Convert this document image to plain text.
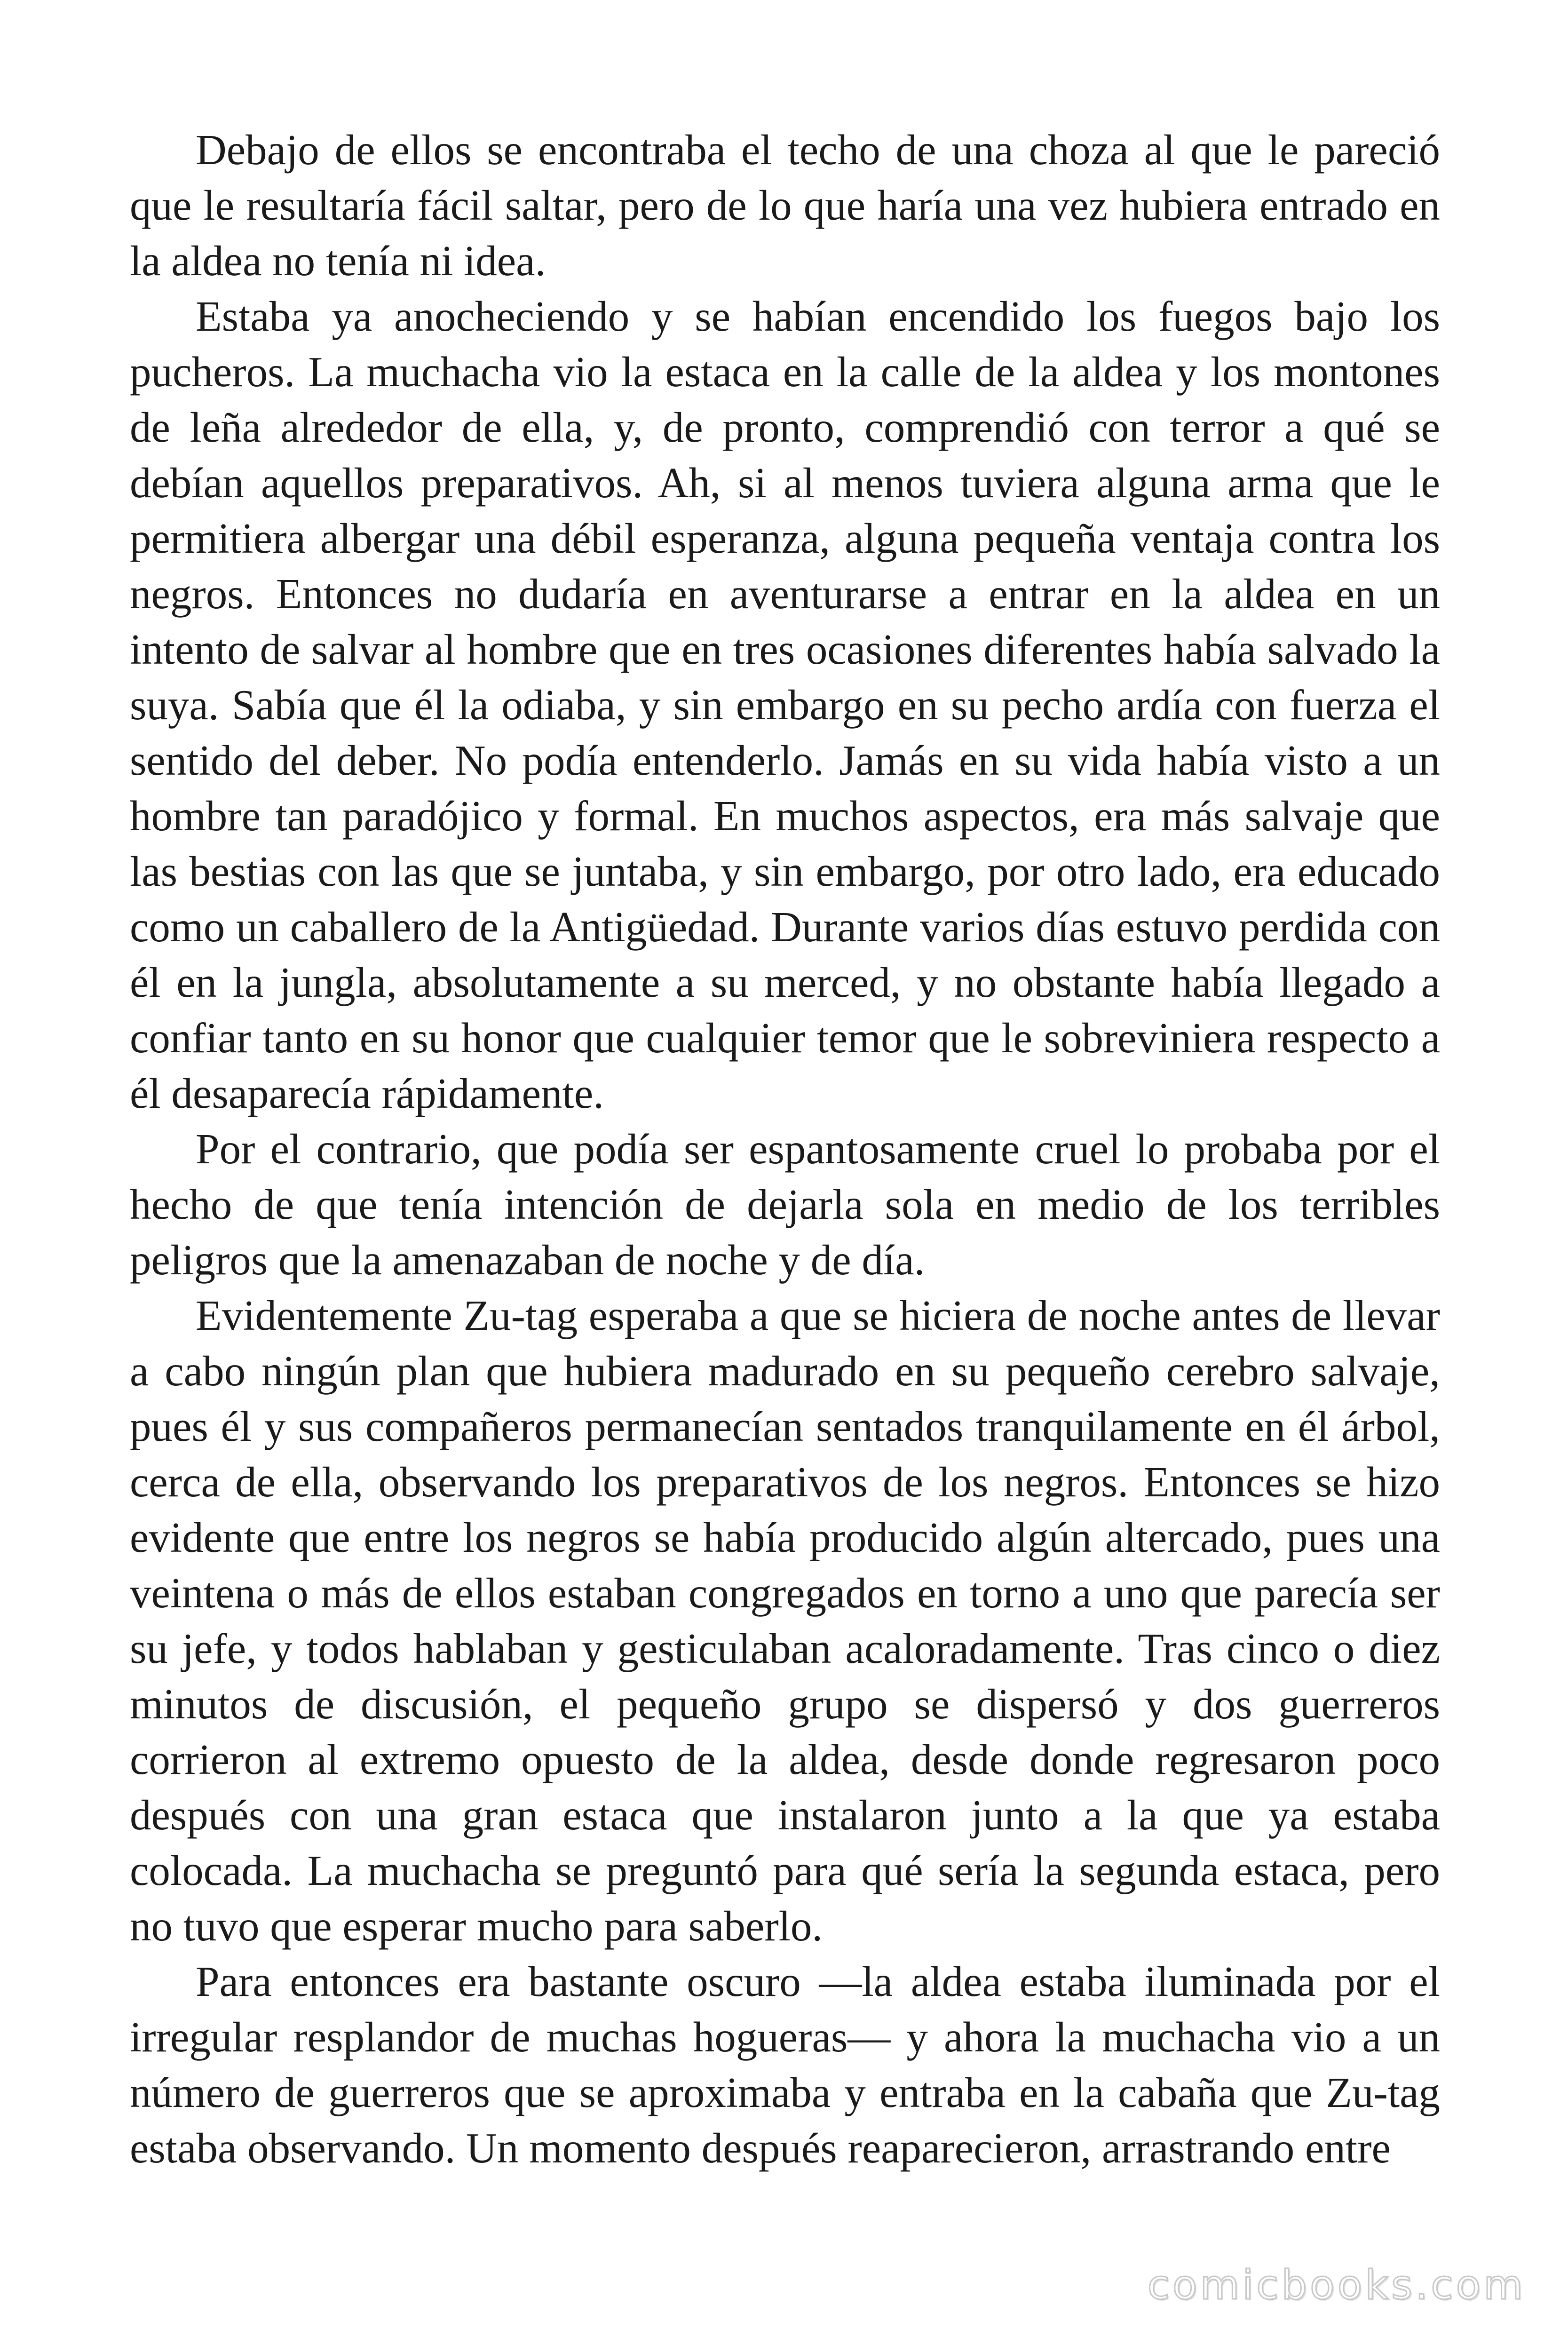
Debajo de ellos se encontraba el techo de una choza al que le pareció que le resultaría fácil saltar, pero de lo que haría una vez hubiera entrado en la aldea no tenía ni idea.

Estaba ya anocheciendo y se habían encendido los fuegos bajo los pucheros. La muchacha vio la estaca en la calle de la aldea y los montones de leña alrededor de ella, y, de pronto, comprendió con terror a qué se debían aquellos preparativos. Ah, si al menos tuviera alguna arma que le permitiera albergar una débil esperanza, alguna pequeña ventaja contra los negros. Entonces no dudaría en aventurarse a entrar en la aldea en un intento de salvar al hombre que en tres ocasiones diferentes había salvado la suya. Sabía que él la odiaba, y sin embargo en su pecho ardía con fuerza el sentido del deber. No podía entenderlo. Jamás en su vida había visto a un hombre tan paradójico y formal. En muchos aspectos, era más salvaje que las bestias con las que se juntaba, y sin embargo, por otro lado, era educado como un caballero de la Antigüedad. Durante varios días estuvo perdida con él en la jungla, absolutamente a su merced, y no obstante había llegado a confiar tanto en su honor que cualquier temor que le sobreviniera respecto a él desaparecía rápidamente.

Por el contrario, que podía ser espantosamente cruel lo probaba por el hecho de que tenía intención de dejarla sola en medio de los terribles peligros que la amenazaban de noche y de día.

Evidentemente Zu-tag esperaba a que se hiciera de noche antes de llevar a cabo ningún plan que hubiera madurado en su pequeño cerebro salvaje, pues él y sus compañeros permanecían sentados tranquilamente en él árbol, cerca de ella, observando los preparativos de los negros. Entonces se hizo evidente que entre los negros se había producido algún altercado, pues una veintena o más de ellos estaban congregados en torno a uno que parecía ser su jefe, y todos hablaban y gesticulaban acaloradamente. Tras cinco o diez minutos de discusión, el pequeño grupo se dispersó y dos guerreros corrieron al extremo opuesto de la aldea, desde donde regresaron poco después con una gran estaca que instalaron junto a la que ya estaba colocada. La muchacha se preguntó para qué sería la segunda estaca, pero no tuvo que esperar mucho para saberlo.

Para entonces era bastante oscuro —la aldea estaba iluminada por el irregular resplandor de muchas hogueras— y ahora la muchacha vio a un número de guerreros que se aproximaba y entraba en la cabaña que Zu-tag estaba observando. Un momento después reaparecieron, arrastrando entre

comicbooks.com
